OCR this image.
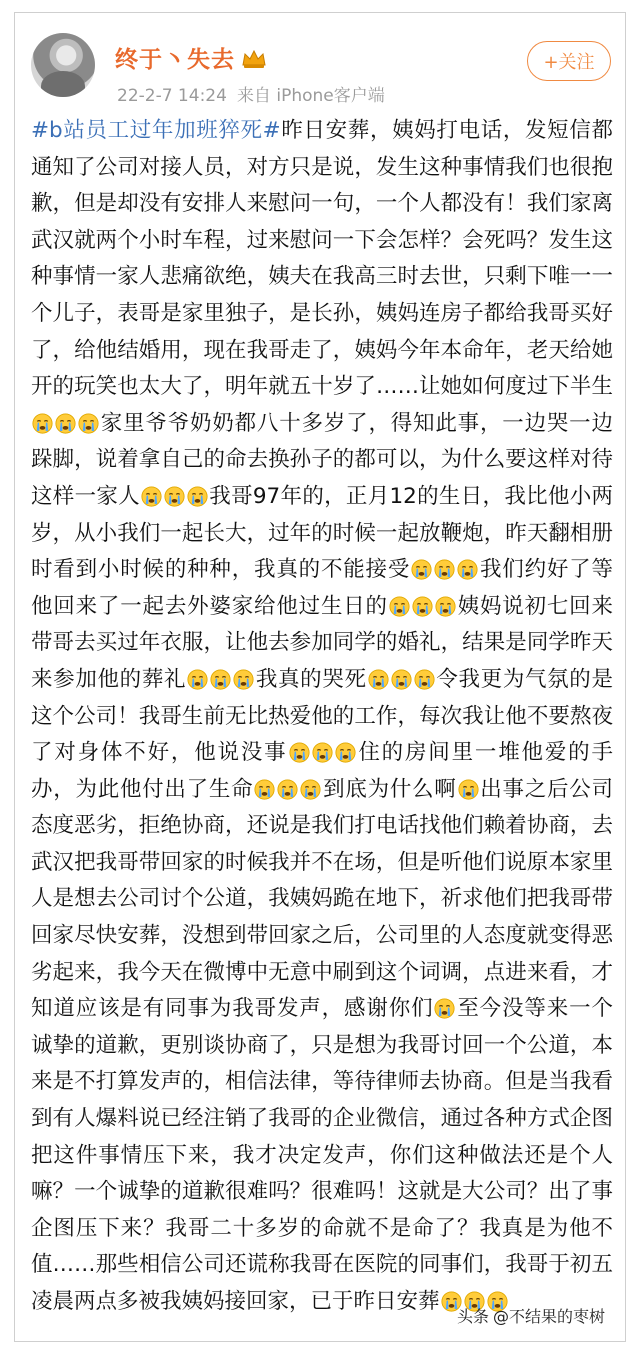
终于丶失去
22-2-7 14:24 来自 iPhone客户端
+关注
#b站员工过年加班猝死#昨日安葬，姨妈打电话，发短信都通知了公司对接人员，对方只是说，发生这种事情我们也很抱歉，但是却没有安排人来慰问一句，一个人都没有！我们家离武汉就两个小时车程，过来慰问一下会怎样？会死吗？发生这种事情一家人悲痛欲绝，姨夫在我高三时去世，只剩下唯一一个儿子，表哥是家里独子，是长孙，姨妈连房子都给我哥买好了，给他结婚用，现在我哥走了，姨妈今年本命年，老天给她开的玩笑也太大了，明年就五十岁了……让她如何度过下半生家里爷爷奶奶都八十多岁了，得知此事，一边哭一边跺脚，说着拿自己的命去换孙子的都可以，为什么要这样对待这样一家人	我哥97年的，正月12的生日，我比他小两岁，从小我们一起长大，过年的时候一起放鞭炮，昨天翻相册时看到小时候的种种，我真的不能接受	我们约好了等他回来了一起去外婆家给他过生日的	姨妈说初七回来带哥去买过年衣服，让他去参加同学的婚礼，结果是同学昨天来参加他的葬礼	我真的哭死	令我更为气氛的是这个公司！我哥生前无比热爱他的工作，每次我让他不要熬夜了对身体不好，他说没事	住的房间里一堆他爱的手办，为此他付出了生命	到底为什么啊 出事之后公司态度恶劣，拒绝协商，还说是我们打电话找他们赖着协商，去武汉把我哥带回家的时候我并不在场，但是听他们说原本家里人是想去公司讨个公道，我姨妈跪在地下，祈求他们把我哥带回家尽快安葬，没想到带回家之后，公司里的人态度就变得恶劣起来，我今天在微博中无意中刷到这个词调，点进来看，才知道应该是有同事为我哥发声，感谢你们 至今没等来一个诚挚的道歉，更别谈协商了，只是想为我哥讨回一个公道，本来是不打算发声的，相信法律，等待律师去协商。但是当我看到有人爆料说已经注销了我哥的企业微信，通过各种方式企图把这件事情压下来，我才决定发声，你们这种做法还是个人嘛？一个诚挚的道歉很难吗？很难吗！这就是大公司？出了事企图压下来？我哥二十多岁的命就不是命了？我真是为他不值……那些相信公司还谎称我哥在医院的同事们，我哥于初五凌晨两点多被我姨妈接回家，已于昨日安葬
头条 @不结果的枣树
